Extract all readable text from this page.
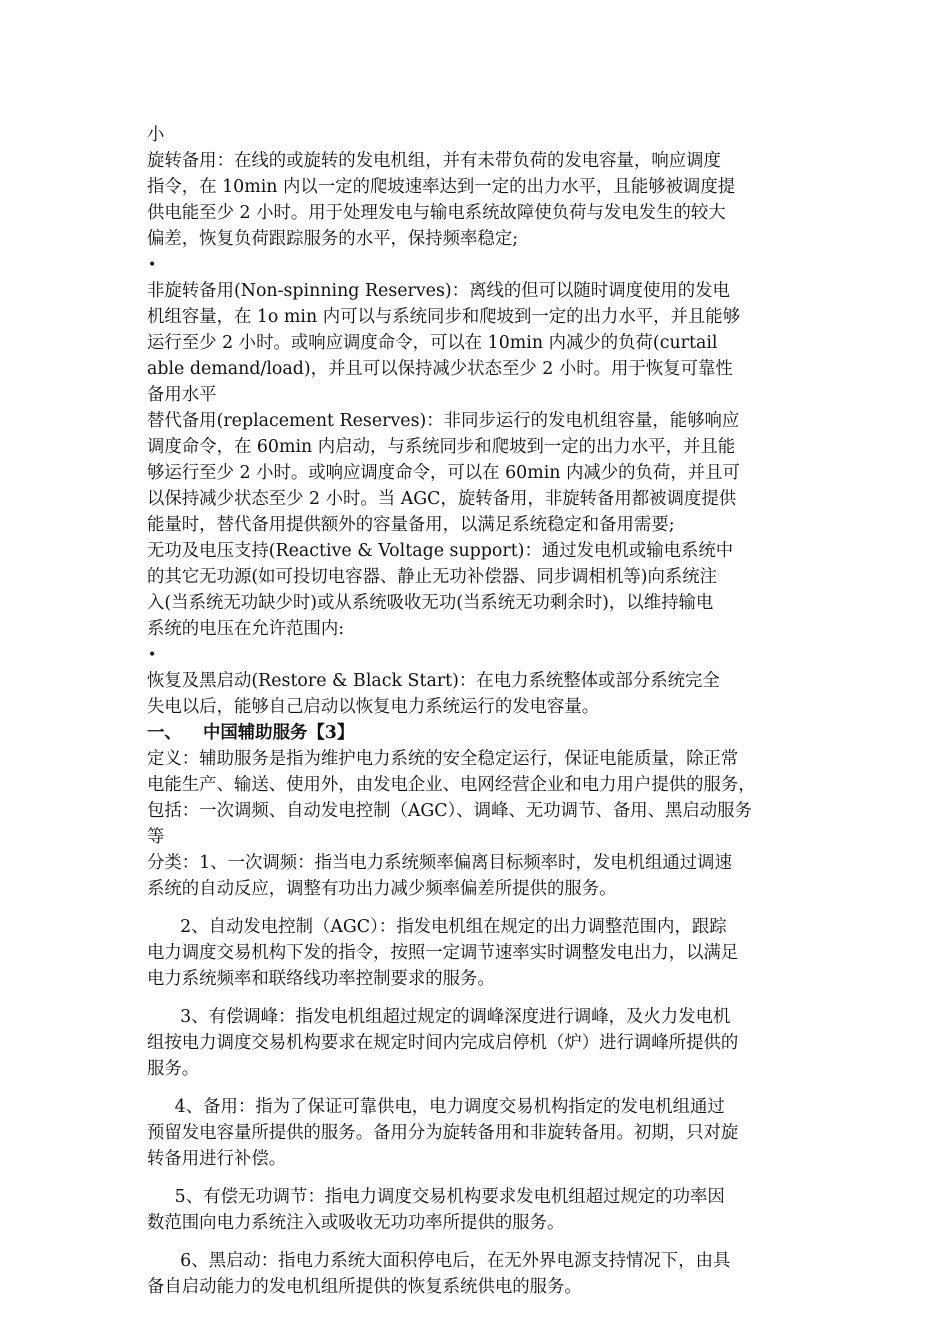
小
旋转备用：在线的或旋转的发电机组，并有未带负荷的发电容量，响应调度
指令，在 10min 内以一定的爬坡速率达到一定的出力水平，且能够被调度提
供电能至少 2 小时。用于处理发电与输电系统故障使负荷与发电发生的较大
偏差，恢复负荷跟踪服务的水平，保持频率稳定;
•
非旋转备用(Non-spinning Reserves)：离线的但可以随时调度使用的发电
机组容量，在 1o min 内可以与系统同步和爬坡到一定的出力水平，并且能够
运行至少 2 小时。或响应调度命令，可以在 10min 内减少的负荷(curtail
able demand/load)，并且可以保持减少状态至少 2 小时。用于恢复可靠性
备用水平
替代备用(replacement Reserves)：非同步运行的发电机组容量，能够响应
调度命令，在 60min 内启动，与系统同步和爬坡到一定的出力水平，并且能
够运行至少 2 小时。或响应调度命令，可以在 60min 内减少的负荷，并且可
以保持减少状态至少 2 小时。当 AGC，旋转备用，非旋转备用都被调度提供
能量时，替代备用提供额外的容量备用，以满足系统稳定和备用需要;
无功及电压支持(Reactive & Voltage support)：通过发电机或输电系统中
的其它无功源(如可投切电容器、静止无功补偿器、同步调相机等)向系统注
入(当系统无功缺少时)或从系统吸收无功(当系统无功剩余时)，以维持输电
系统的电压在允许范围内:
•
恢复及黑启动(Restore & Black Start)：在电力系统整体或部分系统完全
失电以后，能够自己启动以恢复电力系统运行的发电容量。
一、 中国辅助服务【3】
定义：辅助服务是指为维护电力系统的安全稳定运行，保证电能质量，除正常
电能生产、输送、使用外，由发电企业、电网经营企业和电力用户提供的服务，
包括：一次调频、自动发电控制（AGC）、调峰、无功调节、备用、黑启动服务
等
分类：1、一次调频：指当电力系统频率偏离目标频率时，发电机组通过调速
系统的自动反应，调整有功出力减少频率偏差所提供的服务。
2、自动发电控制（AGC）：指发电机组在规定的出力调整范围内，跟踪
电力调度交易机构下发的指令，按照一定调节速率实时调整发电出力，以满足
电力系统频率和联络线功率控制要求的服务。
3、有偿调峰：指发电机组超过规定的调峰深度进行调峰，及火力发电机
组按电力调度交易机构要求在规定时间内完成启停机（炉）进行调峰所提供的
服务。
4、备用：指为了保证可靠供电，电力调度交易机构指定的发电机组通过
预留发电容量所提供的服务。备用分为旋转备用和非旋转备用。初期，只对旋
转备用进行补偿。
5、有偿无功调节：指电力调度交易机构要求发电机组超过规定的功率因
数范围向电力系统注入或吸收无功功率所提供的服务。
6、黑启动：指电力系统大面积停电后，在无外界电源支持情况下，由具
备自启动能力的发电机组所提供的恢复系统供电的服务。
